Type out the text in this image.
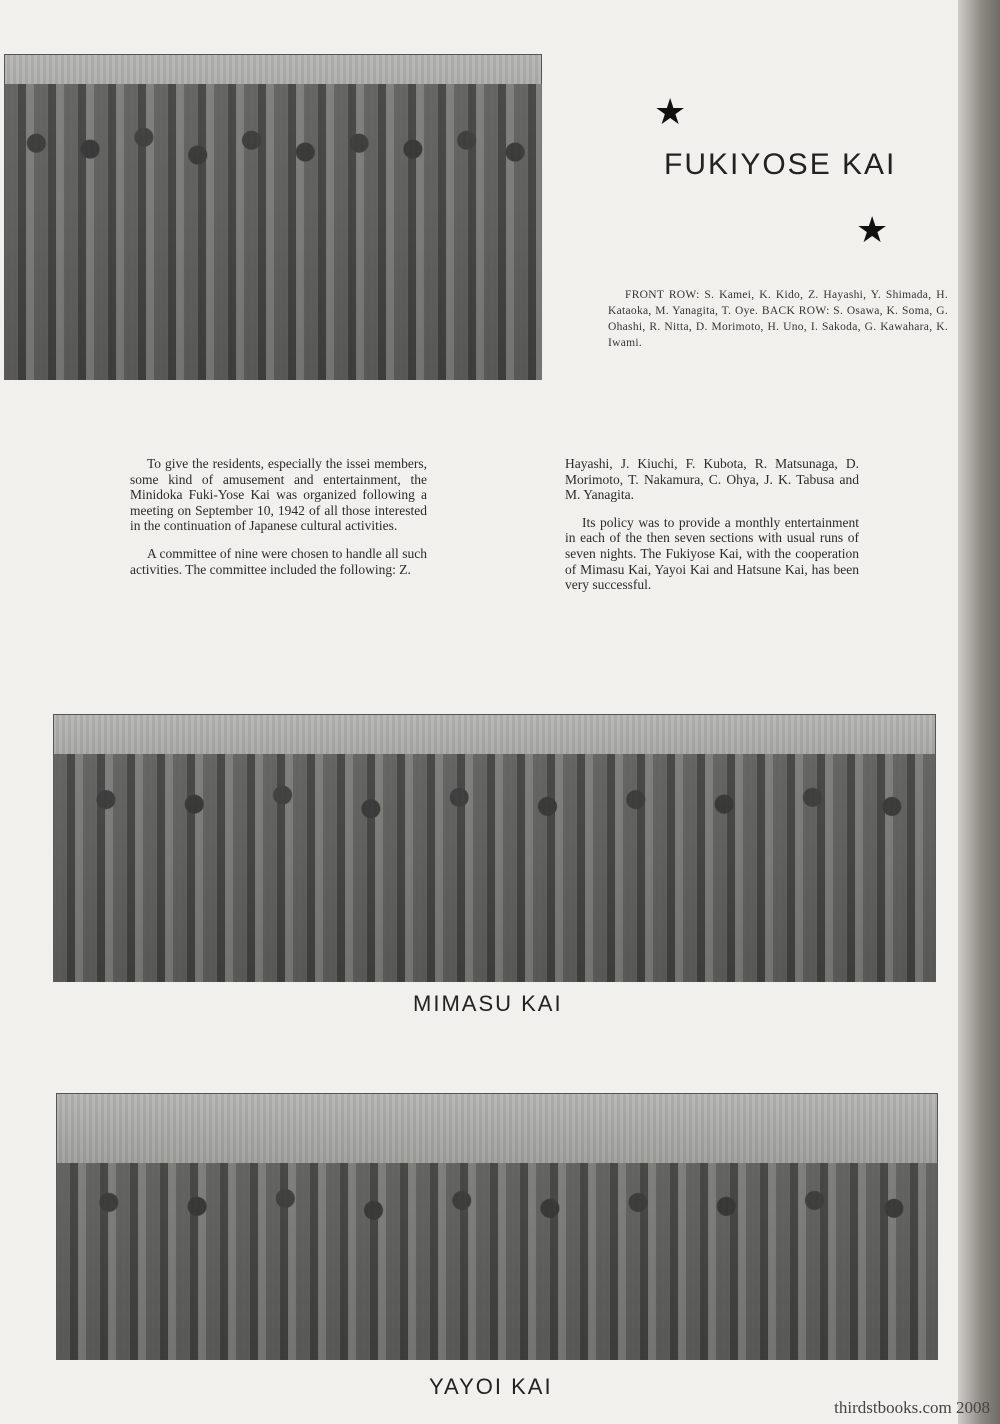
★
FUKIYOSE KAI
★

FRONT ROW: S. Kamei, K. Kido, Z. Hayashi, Y. Shimada, H. Kataoka, M. Yanagita, T. Oye. BACK ROW: S. Osawa, K. Soma, G. Ohashi, R. Nitta, D. Morimoto, H. Uno, I. Sakoda, G. Kawahara, K. Iwami.

To give the residents, especially the issei members, some kind of amusement and entertainment, the Minidoka Fuki-Yose Kai was organized following a meeting on September 10, 1942 of all those interested in the continuation of Japanese cultural activities.

A committee of nine were chosen to handle all such activities. The committee included the following: Z.

Hayashi, J. Kiuchi, F. Kubota, R. Matsunaga, D. Morimoto, T. Nakamura, C. Ohya, J. K. Tabusa and M. Yanagita.

Its policy was to provide a monthly entertainment in each of the then seven sections with usual runs of seven nights. The Fukiyose Kai, with the cooperation of Mimasu Kai, Yayoi Kai and Hatsune Kai, has been very successful.

MIMASU KAI
YAYOI KAI

thirdstbooks.com 2008
